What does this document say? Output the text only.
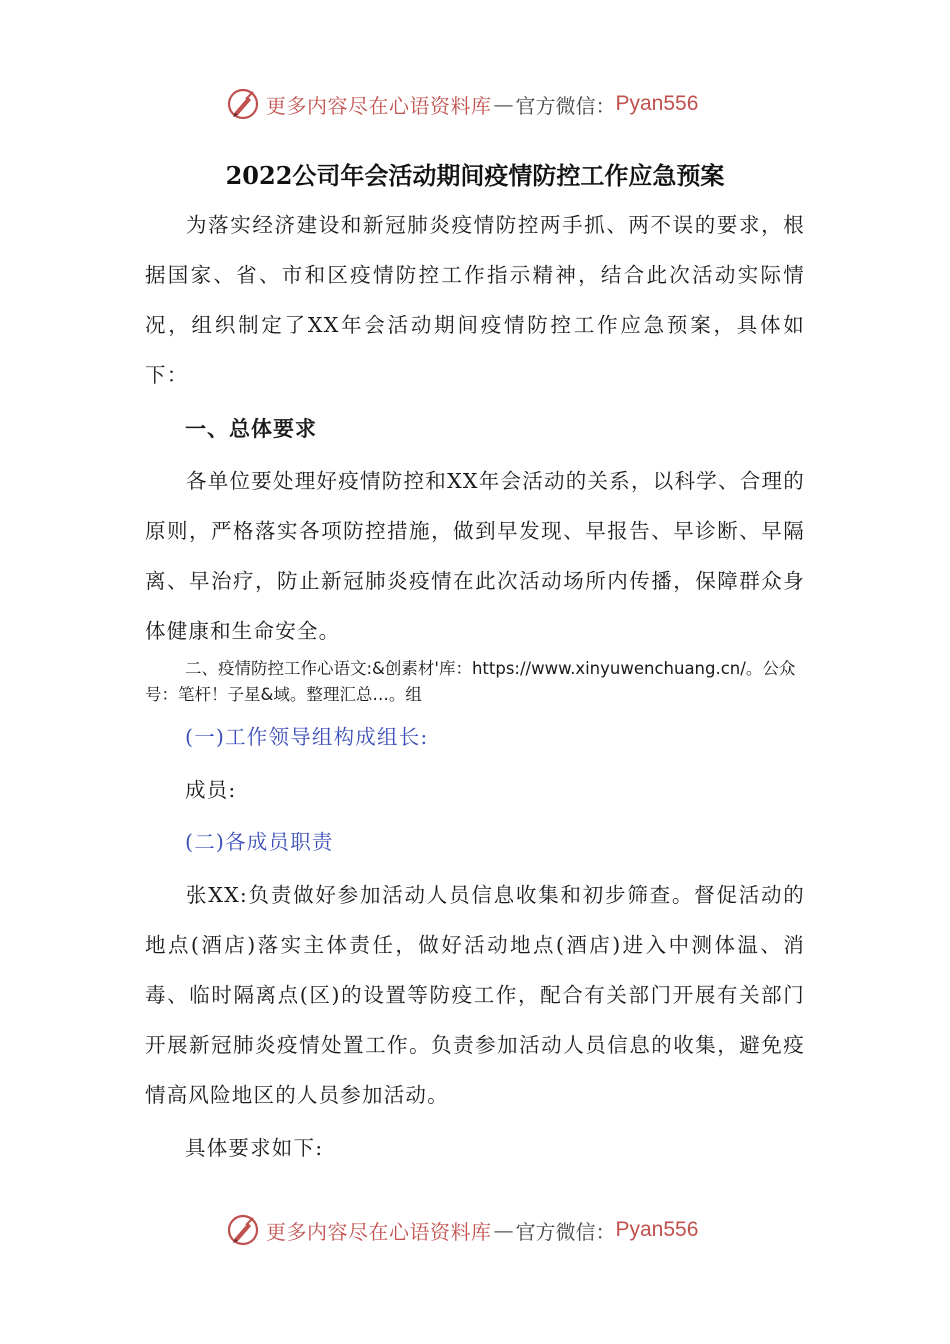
更多内容尽在心语资料库 — 官方微信： Pyan556
2022公司年会活动期间疫情防控工作应急预案

为落实经济建设和新冠肺炎疫情防控两手抓、两不误的要求，根据国家、省、市和区疫情防控工作指示精神，结合此次活动实际情况，组织制定了XX年会活动期间疫情防控工作应急预案，具体如下：

一、总体要求

各单位要处理好疫情防控和XX年会活动的关系，以科学、合理的原则，严格落实各项防控措施，做到早发现、早报告、早诊断、早隔离、早治疗，防止新冠肺炎疫情在此次活动场所内传播，保障群众身体健康和生命安全。

二、疫情防控工作心语文:&创素材'库：https://www.xinyuwenchuang.cn/。公众号：笔杆！子星&域。整理汇总…。组

(一)工作领导组构成组长:

成员:

(二)各成员职责

张XX:负责做好参加活动人员信息收集和初步筛查。督促活动的地点(酒店)落实主体责任，做好活动地点(酒店)进入中测体温、消毒、临时隔离点(区)的设置等防疫工作，配合有关部门开展有关部门开展新冠肺炎疫情处置工作。负责参加活动人员信息的收集，避免疫情高风险地区的人员参加活动。

具体要求如下:

更多内容尽在心语资料库 — 官方微信： Pyan556
